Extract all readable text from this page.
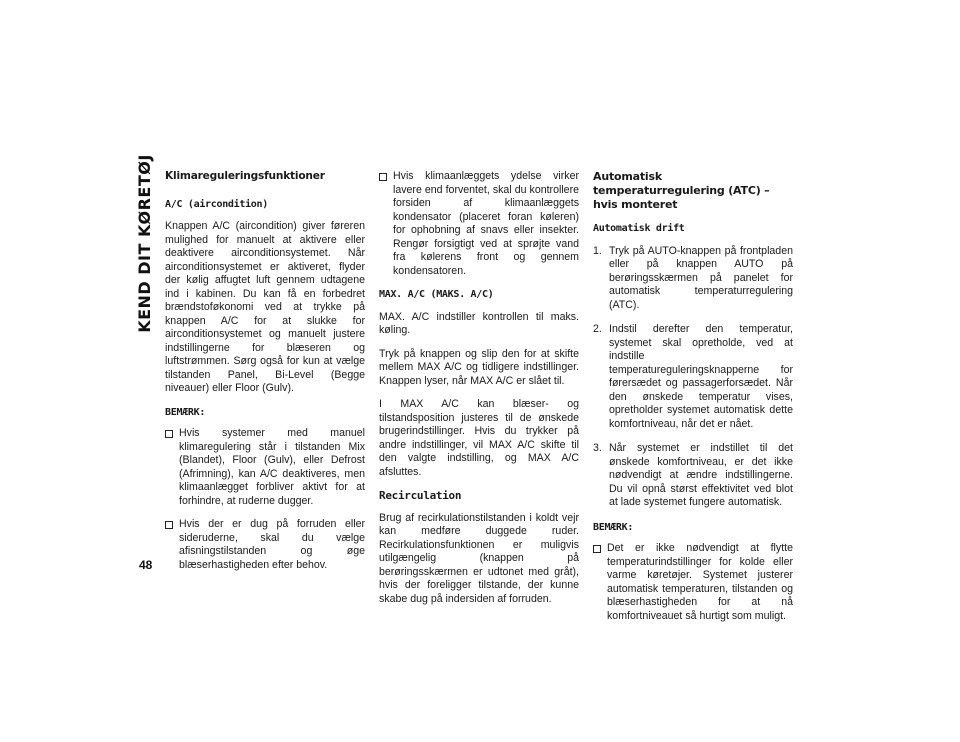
KEND DIT KØRETØJ
48
Klimareguleringsfunktioner
A/C (aircondition)

Knappen A/C (aircondition) giver føreren mulighed for manuelt at aktivere eller deaktivere airconditionsystemet. Når airconditionsystemet er aktiveret, flyder der kølig affugtet luft gennem udtagene ind i kabinen. Du kan få en forbedret brændstoføkonomi ved at trykke på knappen A/C for at slukke for airconditionsystemet og manuelt justere indstillingerne for blæseren og luftstrømmen. Sørg også for kun at vælge tilstanden Panel, Bi-Level (Begge niveauer) eller Floor (Gulv).

BEMÆRK:
Hvis systemer med manuel klimaregulering står i tilstanden Mix (Blandet), Floor (Gulv), eller Defrost (Afrimning), kan A/C deaktiveres, men klimaanlægget forbliver aktivt for at forhindre, at ruderne dugger.
Hvis der er dug på forruden eller sideruderne, skal du vælge afisningstilstanden og øge blæserhastigheden efter behov.
Hvis klimaanlæggets ydelse virker lavere end forventet, skal du kontrollere forsiden af klimaanlæggets kondensator (placeret foran køleren) for ophobning af snavs eller insekter. Rengør forsigtigt ved at sprøjte vand fra kølerens front og gennem kondensatoren.
MAX. A/C (MAKS. A/C)

MAX. A/C indstiller kontrollen til maks. køling.

Tryk på knappen og slip den for at skifte mellem MAX A/C og tidligere indstillinger. Knappen lyser, når MAX A/C er slået til.

I MAX A/C kan blæser- og tilstandsposition justeres til de ønskede brugerindstillinger. Hvis du trykker på andre indstillinger, vil MAX A/C skifte til den valgte indstilling, og MAX A/C afsluttes.

Recirculation

Brug af recirkulationstilstanden i koldt vejr kan medføre duggede ruder. Recirkulationsfunktionen er muligvis utilgængelig (knappen på berøringsskærmen er udtonet med gråt), hvis der foreligger tilstande, der kunne skabe dug på indersiden af forruden.

Automatisk temperaturregulering (ATC) – hvis monteret
Automatisk drift
1. Tryk på AUTO-knappen på frontpladen eller på knappen AUTO på berøringsskærmen på panelet for automatisk temperaturregulering (ATC).
2. Indstil derefter den temperatur, systemet skal opretholde, ved at indstille temperatureguleringsknapperne for førersædet og passagerforsædet. Når den ønskede temperatur vises, opretholder systemet automatisk dette komfortniveau, når det er nået.
3. Når systemet er indstillet til det ønskede komfortniveau, er det ikke nødvendigt at ændre indstillingerne. Du vil opnå størst effektivitet ved blot at lade systemet fungere automatisk.
BEMÆRK:
Det er ikke nødvendigt at flytte temperaturindstillinger for kolde eller varme køretøjer. Systemet justerer automatisk temperaturen, tilstanden og blæserhastigheden for at nå komfortniveauet så hurtigt som muligt.
